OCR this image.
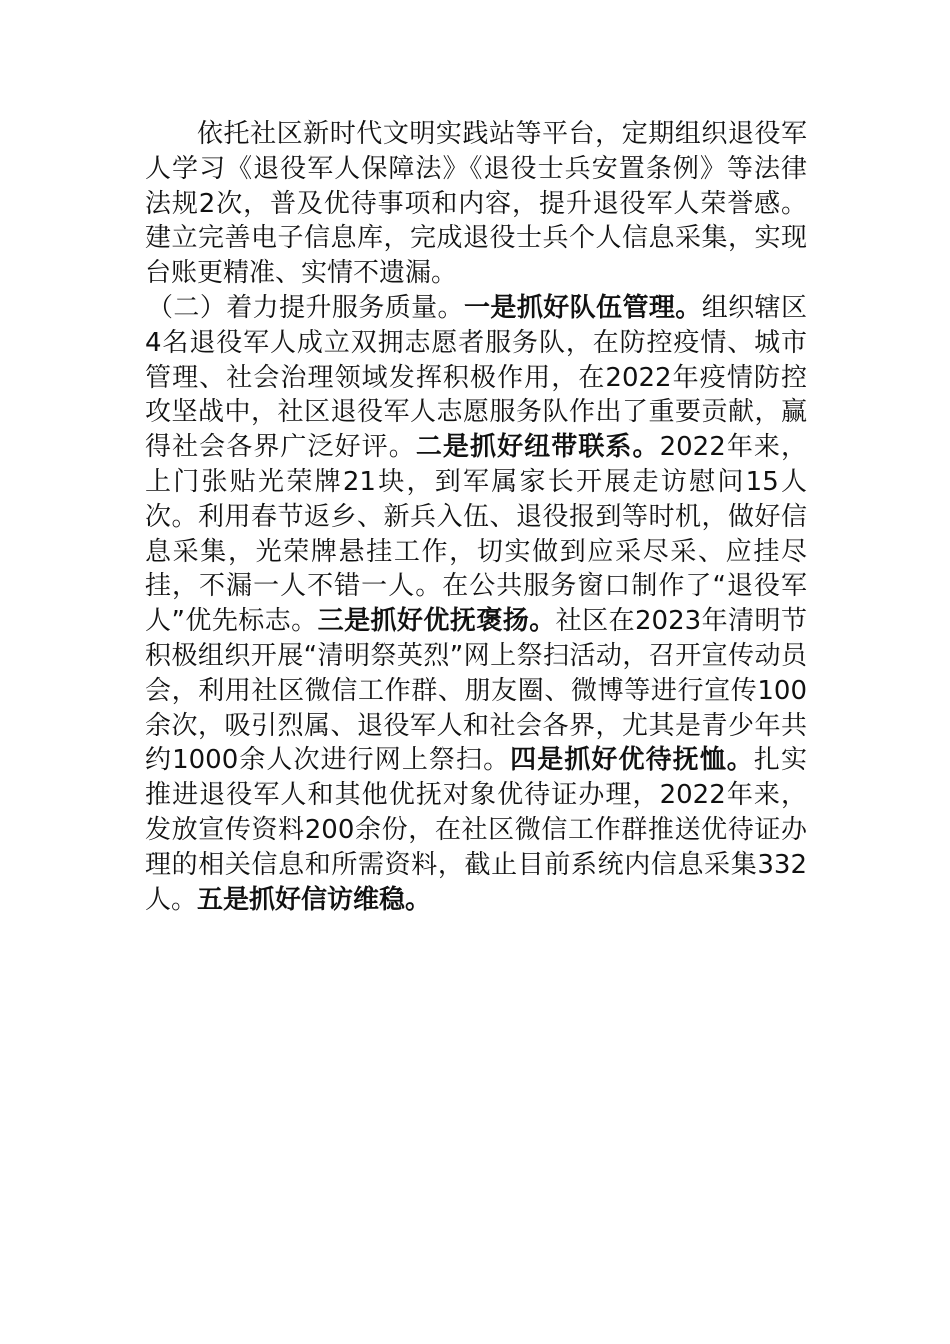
依托社区新时代文明实践站等平台，定期组织退役军人学习《退役军人保障法》《退役士兵安置条例》等法律法规2次，普及优待事项和内容，提升退役军人荣誉感。建立完善电子信息库，完成退役士兵个人信息采集，实现台账更精准、实情不遗漏。

（二）着力提升服务质量。一是抓好队伍管理。组织辖区4名退役军人成立双拥志愿者服务队，在防控疫情、城市管理、社会治理领域发挥积极作用，在2022年疫情防控攻坚战中，社区退役军人志愿服务队作出了重要贡献，赢得社会各界广泛好评。二是抓好纽带联系。2022年来，上门张贴光荣牌21块，到军属家长开展走访慰问15人次。利用春节返乡、新兵入伍、退役报到等时机，做好信息采集，光荣牌悬挂工作，切实做到应采尽采、应挂尽挂，不漏一人不错一人。在公共服务窗口制作了“退役军人”优先标志。三是抓好优抚褒扬。社区在2023年清明节积极组织开展“清明祭英烈”网上祭扫活动，召开宣传动员会，利用社区微信工作群、朋友圈、微博等进行宣传100余次，吸引烈属、退役军人和社会各界，尤其是青少年共约1000余人次进行网上祭扫。四是抓好优待抚恤。扎实推进退役军人和其他优抚对象优待证办理，2022年来，发放宣传资料200余份，在社区微信工作群推送优待证办理的相关信息和所需资料，截止目前系统内信息采集332人。五是抓好信访维稳。
